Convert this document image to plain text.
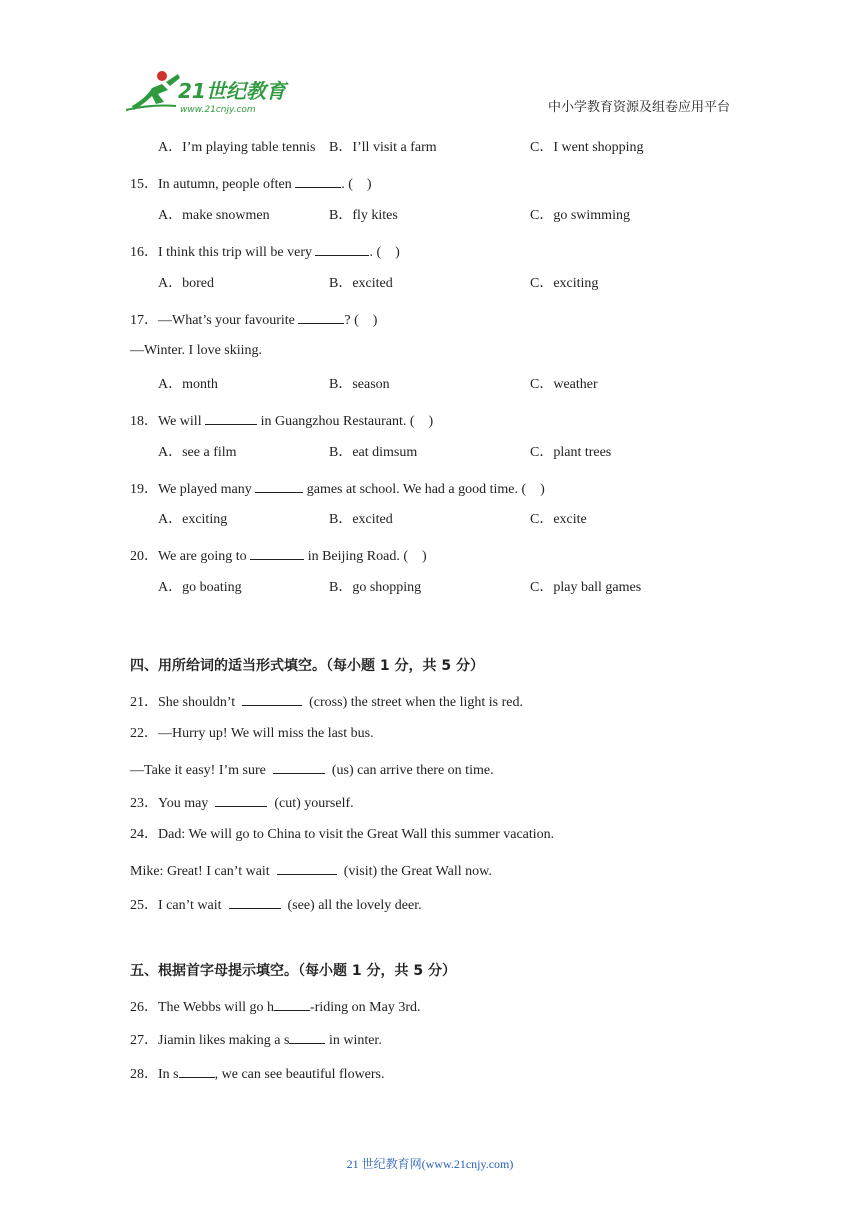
21世纪教育
www.21cnjy.com	中小学教育资源及组卷应用平台
A．I’m playing table tennis B．I’ll visit a farm	C．I went shopping
15．In autumn, people often	. (　)
A．make snowmen	B．fly kites	C．go swimming
16．I think this trip will be very	. (　)
A．bored	B．excited	C．exciting
17．—What’s your favourite	? (　)
—Winter. I love skiing.
A．month	B．season	C．weather
18．We will	in Guangzhou Restaurant. (　)
A．see a film	B．eat dimsum	C．plant trees
19．We played many	games at school. We had a good time. (　)
A．exciting	B．excited	C．excite
20．We are going to	in Beijing Road. (　)
A．go boating	B．go shopping	C．play ball games
四、用所给词的适当形式填空。（每小题 1 分，共 5 分）
21．She shouldn’t	(cross) the street when the light is red.
22．—Hurry up! We will miss the last bus.
—Take it easy! I’m sure	(us) can arrive there on time.
23．You may	(cut) yourself.
24．Dad: We will go to China to visit the Great Wall this summer vacation.
Mike: Great! I can’t wait	(visit) the Great Wall now.
25．I can’t wait	(see) all the lovely deer.
五、根据首字母提示填空。（每小题 1 分，共 5 分）
26．The Webbs will go h	-riding on May 3rd.
27．Jiamin likes making a s	in winter.
28．In s	, we can see beautiful flowers.
21 世纪教育网(www.21cnjy.com)
